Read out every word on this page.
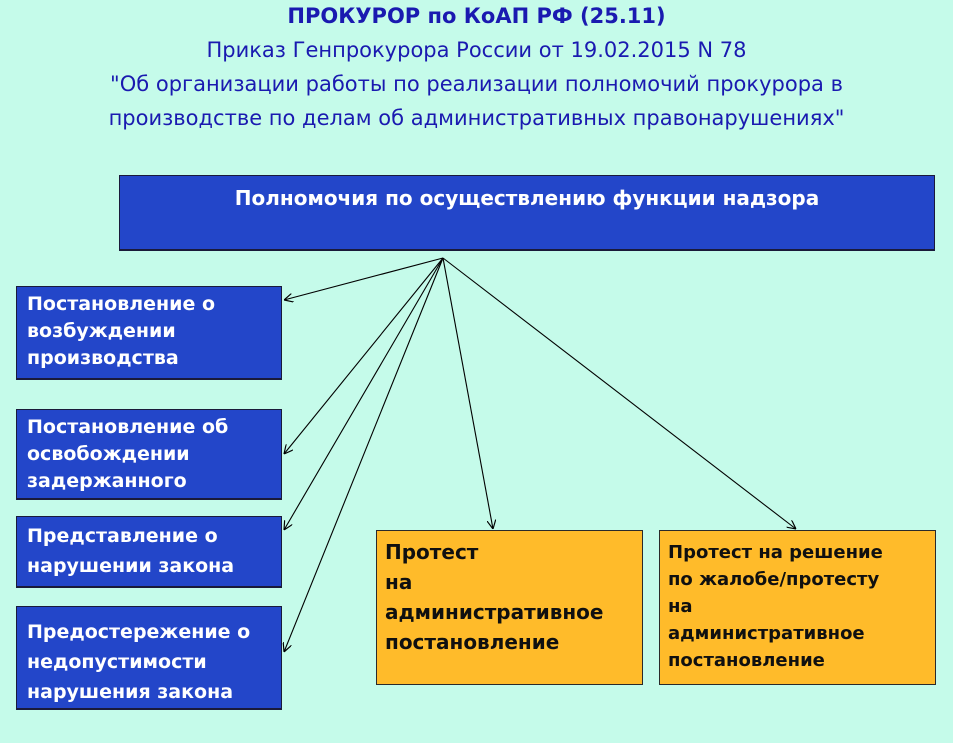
ПРОКУРОР по КоАП РФ (25.11)
Приказ Генпрокурора России от 19.02.2015 N 78
"Об организации работы по реализации полномочий прокурора в
производстве по делам об административных правонарушениях"
Полномочия по осуществлению функции надзора
Постановление о
возбуждении
производства
Постановление об
освобождении
задержанного
Представление о
нарушении закона
Предостережение о
недопустимости
нарушения закона
Протест
на
административное
постановление
Протест на решение
по жалобе/протесту
на
административное
постановление
